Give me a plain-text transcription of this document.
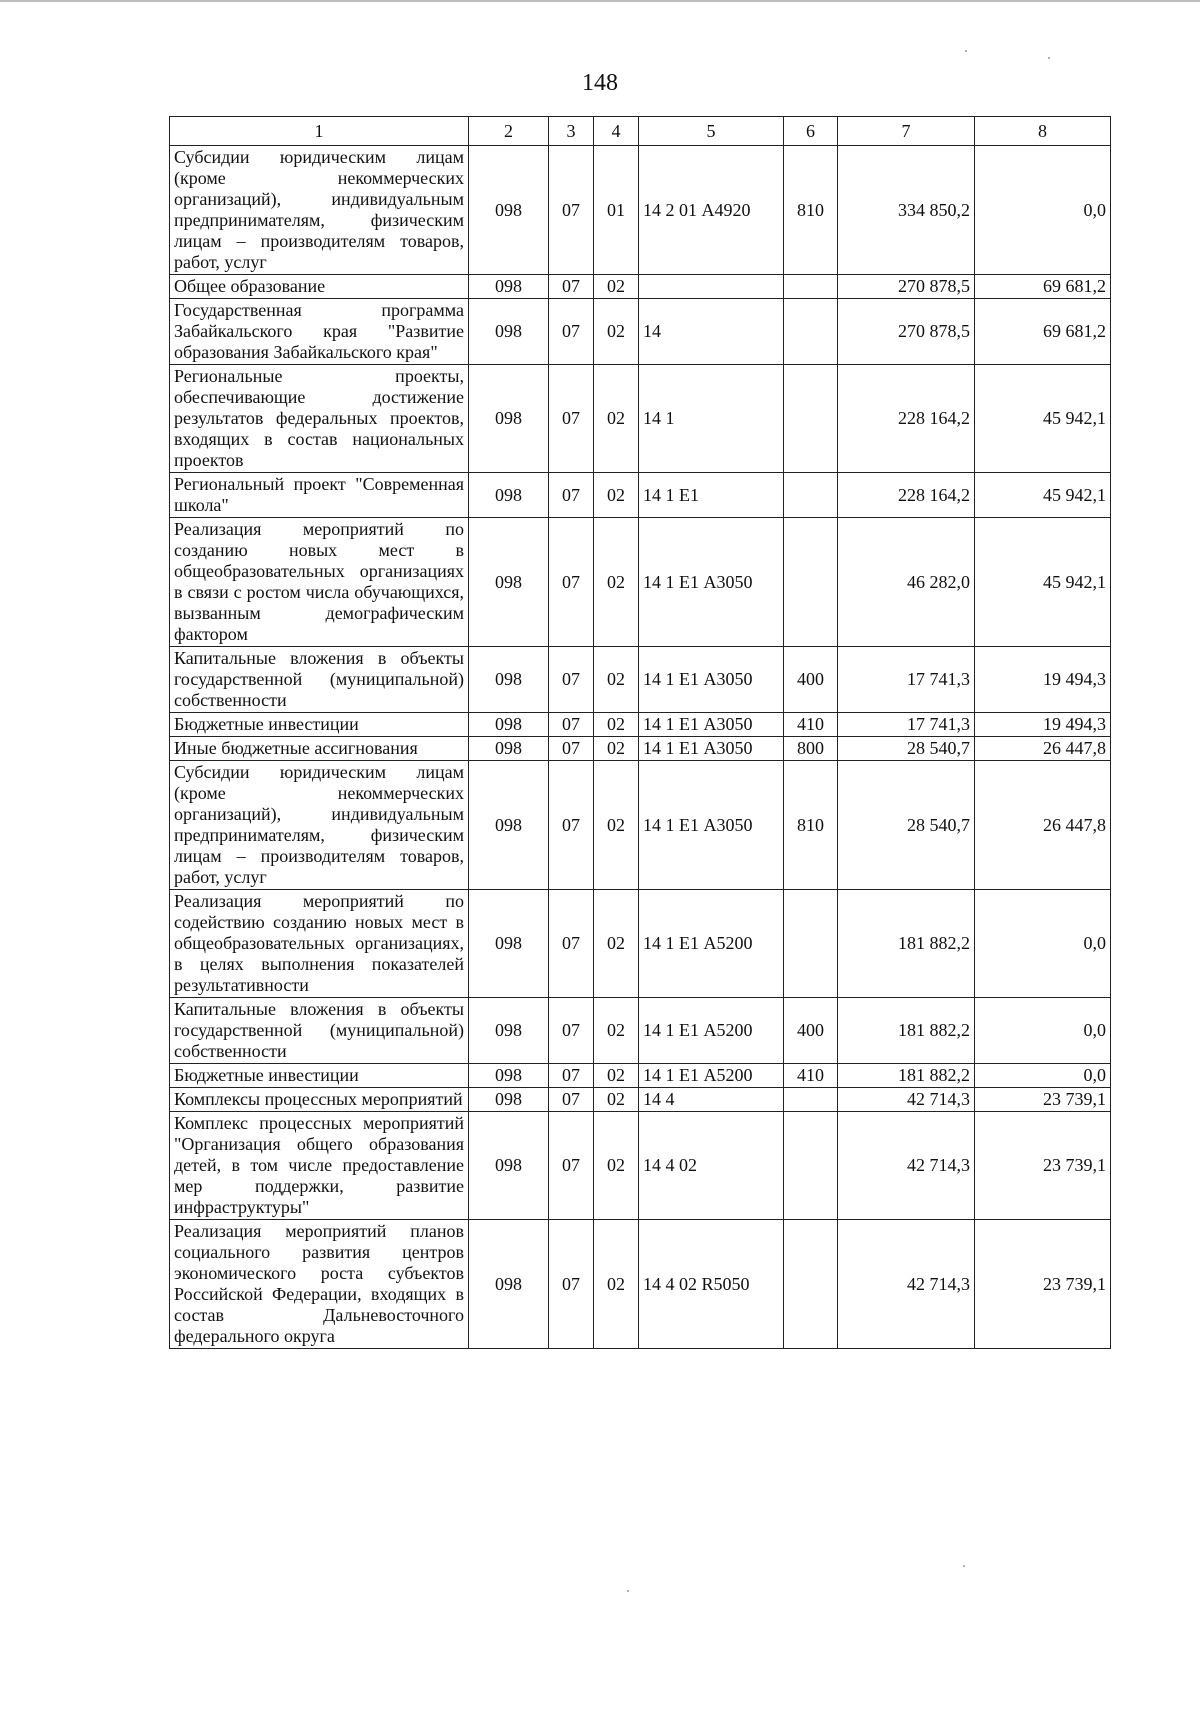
148
1	2	3	4	5	6	7	8
Субсидии юридическим лицам (кроме некоммерческих организаций), индивидуальным предпринимателям, физическим лицам – производителям товаров, работ, услуг	098	07	01	14 2 01 А4920	810	334 850,2	0,0
Общее образование	098	07	02			270 878,5	69 681,2
Государственная программа Забайкальского края "Развитие образования Забайкальского края"	098	07	02	14		270 878,5	69 681,2
Региональные проекты, обеспечивающие достижение результатов федеральных проектов, входящих в состав национальных проектов	098	07	02	14 1		228 164,2	45 942,1
Региональный проект "Современная школа"	098	07	02	14 1 Е1		228 164,2	45 942,1
Реализация мероприятий по созданию новых мест в общеобразовательных организациях в связи с ростом числа обучающихся, вызванным демографическим фактором	098	07	02	14 1 Е1 А3050		46 282,0	45 942,1
Капитальные вложения в объекты государственной (муниципальной) собственности	098	07	02	14 1 Е1 А3050	400	17 741,3	19 494,3
Бюджетные инвестиции	098	07	02	14 1 Е1 А3050	410	17 741,3	19 494,3
Иные бюджетные ассигнования	098	07	02	14 1 Е1 А3050	800	28 540,7	26 447,8
Субсидии юридическим лицам (кроме некоммерческих организаций), индивидуальным предпринимателям, физическим лицам – производителям товаров, работ, услуг	098	07	02	14 1 Е1 А3050	810	28 540,7	26 447,8
Реализация мероприятий по содействию созданию новых мест в общеобразовательных организациях, в целях выполнения показателей результативности	098	07	02	14 1 Е1 А5200		181 882,2	0,0
Капитальные вложения в объекты государственной (муниципальной) собственности	098	07	02	14 1 Е1 А5200	400	181 882,2	0,0
Бюджетные инвестиции	098	07	02	14 1 Е1 А5200	410	181 882,2	0,0
Комплексы процессных мероприятий	098	07	02	14 4		42 714,3	23 739,1
Комплекс процессных мероприятий "Организация общего образования детей, в том числе предоставление мер поддержки, развитие инфраструктуры"	098	07	02	14 4 02		42 714,3	23 739,1
Реализация мероприятий планов социального развития центров экономического роста субъектов Российской Федерации, входящих в состав Дальневосточного федерального округа	098	07	02	14 4 02 R5050		42 714,3	23 739,1
